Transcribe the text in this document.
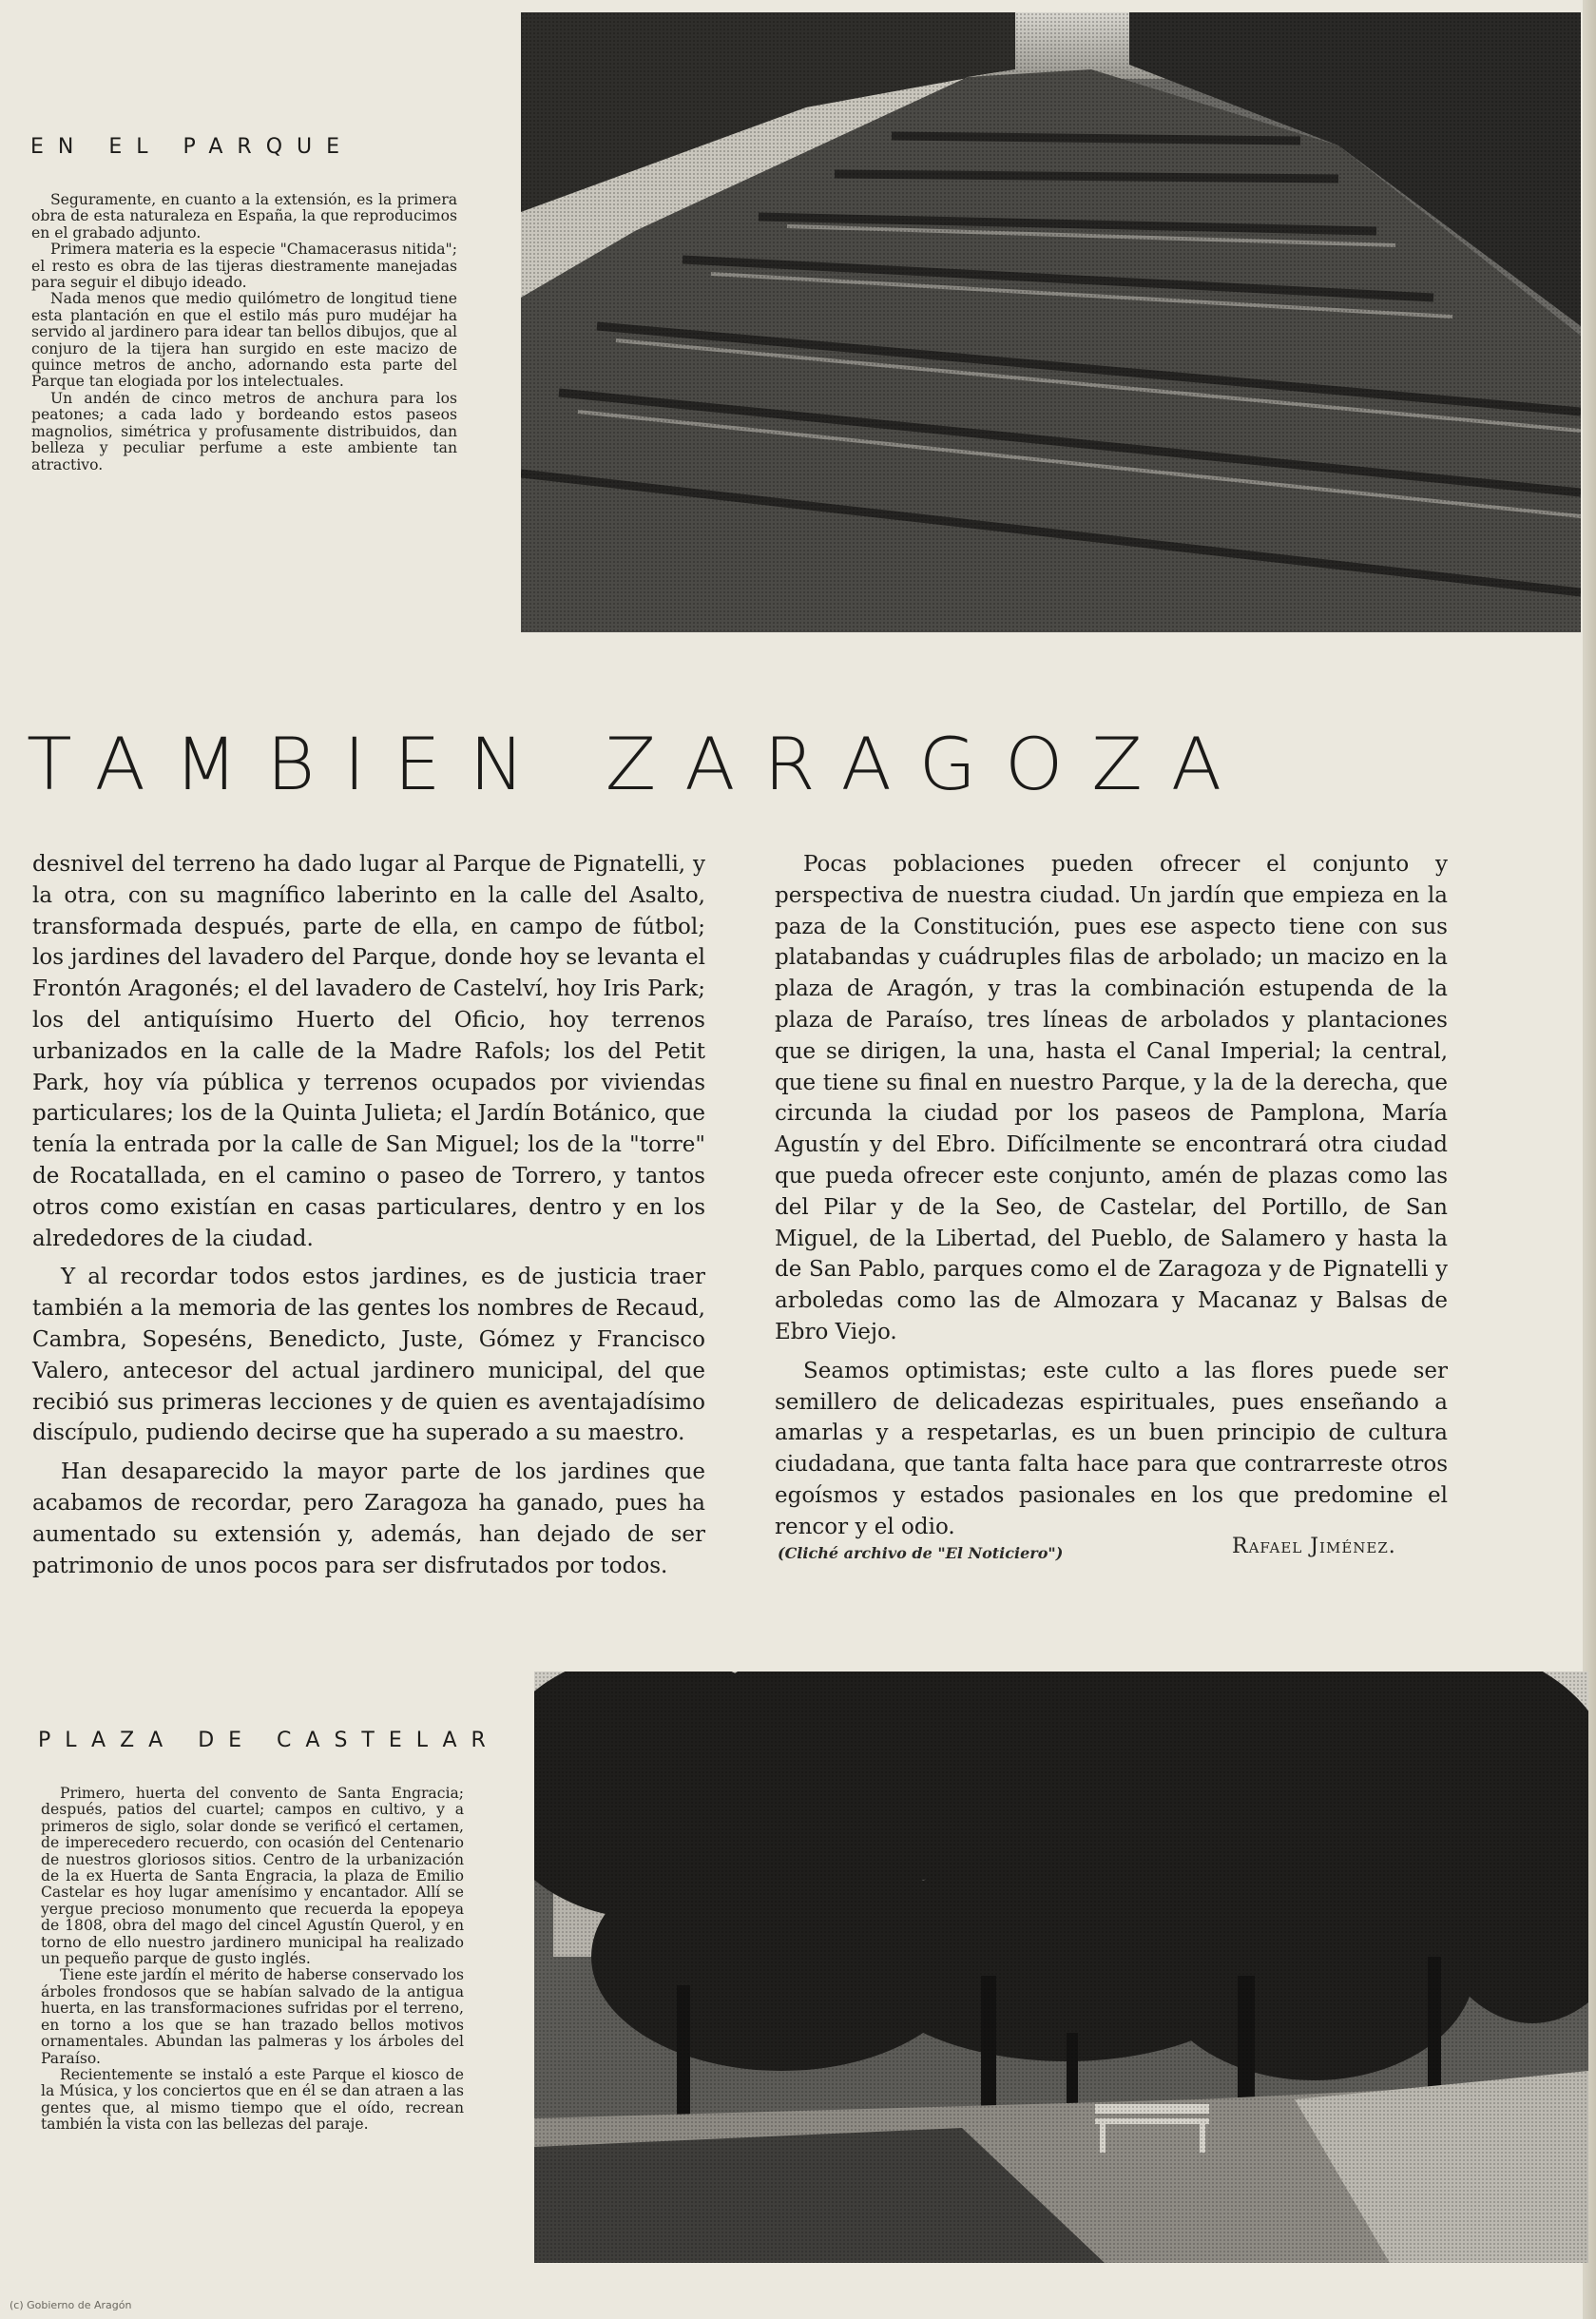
EN EL PARQUE

Seguramente, en cuanto a la extensión, es la primera obra de esta naturaleza en España, la que reproducimos en el grabado adjunto.

Primera materia es la especie "Chamacerasus nitida"; el resto es obra de las tijeras diestramente manejadas para seguir el dibujo ideado.

Nada menos que medio quilómetro de longitud tiene esta plantación en que el estilo más puro mudéjar ha servido al jardinero para idear tan bellos dibujos, que al conjuro de la tijera han surgido en este macizo de quince metros de ancho, adornando esta parte del Parque tan elogiada por los intelectuales.

Un andén de cinco metros de anchura para los peatones; a cada lado y bordeando estos paseos magnolios, simétrica y profusamente distribuidos, dan belleza y peculiar perfume a este ambiente tan atractivo.

TAMBIEN ZARAGOZA

desnivel del terreno ha dado lugar al Parque de Pignatelli, y la otra, con su magnífico laberinto en la calle del Asalto, transformada después, parte de ella, en campo de fútbol; los jardines del lavadero del Parque, donde hoy se levanta el Frontón Aragonés; el del lavadero de Castelví, hoy Iris Park; los del antiquísimo Huerto del Oficio, hoy terrenos urbanizados en la calle de la Madre Rafols; los del Petit Park, hoy vía pública y terrenos ocupados por viviendas particulares; los de la Quinta Julieta; el Jardín Botánico, que tenía la entrada por la calle de San Miguel; los de la "torre" de Rocatallada, en el camino o paseo de Torrero, y tantos otros como existían en casas particulares, dentro y en los alrededores de la ciudad.

Y al recordar todos estos jardines, es de justicia traer también a la memoria de las gentes los nombres de Recaud, Cambra, Sopeséns, Benedicto, Juste, Gómez y Francisco Valero, antecesor del actual jardinero municipal, del que recibió sus primeras lecciones y de quien es aventajadísimo discípulo, pudiendo decirse que ha superado a su maestro.

Han desaparecido la mayor parte de los jardines que acabamos de recordar, pero Zaragoza ha ganado, pues ha aumentado su extensión y, además, han dejado de ser patrimonio de unos pocos para ser disfrutados por todos.

Pocas poblaciones pueden ofrecer el conjunto y perspectiva de nuestra ciudad. Un jardín que empieza en la paza de la Constitución, pues ese aspecto tiene con sus platabandas y cuádruples filas de arbolado; un macizo en la plaza de Aragón, y tras la combinación estupenda de la plaza de Paraíso, tres líneas de arbolados y plantaciones que se dirigen, la una, hasta el Canal Imperial; la central, que tiene su final en nuestro Parque, y la de la derecha, que circunda la ciudad por los paseos de Pamplona, María Agustín y del Ebro. Difícilmente se encontrará otra ciudad que pueda ofrecer este conjunto, amén de plazas como las del Pilar y de la Seo, de Castelar, del Portillo, de San Miguel, de la Libertad, del Pueblo, de Salamero y hasta la de San Pablo, parques como el de Zaragoza y de Pignatelli y arboledas como las de Almozara y Macanaz y Balsas de Ebro Viejo.

Seamos optimistas; este culto a las flores puede ser semillero de delicadezas espirituales, pues enseñando a amarlas y a respetarlas, es un buen principio de cultura ciudadana, que tanta falta hace para que contrarreste otros egoísmos y estados pasionales en los que predomine el rencor y el odio.

(Cliché archivo de "El Noticiero")	Rafael Jiménez.
PLAZA DE CASTELAR

Primero, huerta del convento de Santa Engracia; después, patios del cuartel; campos en cultivo, y a primeros de siglo, solar donde se verificó el certamen, de imperecedero recuerdo, con ocasión del Centenario de nuestros gloriosos sitios. Centro de la urbanización de la ex Huerta de Santa Engracia, la plaza de Emilio Castelar es hoy lugar amenísimo y encantador. Allí se yergue precioso monumento que recuerda la epopeya de 1808, obra del mago del cincel Agustín Querol, y en torno de ello nuestro jardinero municipal ha realizado un pequeño parque de gusto inglés.

Tiene este jardín el mérito de haberse conservado los árboles frondosos que se habían salvado de la antigua huerta, en las transformaciones sufridas por el terreno, en torno a los que se han trazado bellos motivos ornamentales. Abundan las palmeras y los árboles del Paraíso.

Recientemente se instaló a este Parque el kiosco de la Música, y los conciertos que en él se dan atraen a las gentes que, al mismo tiempo que el oído, recrean también la vista con las bellezas del paraje.

(c) Gobierno de Aragón
